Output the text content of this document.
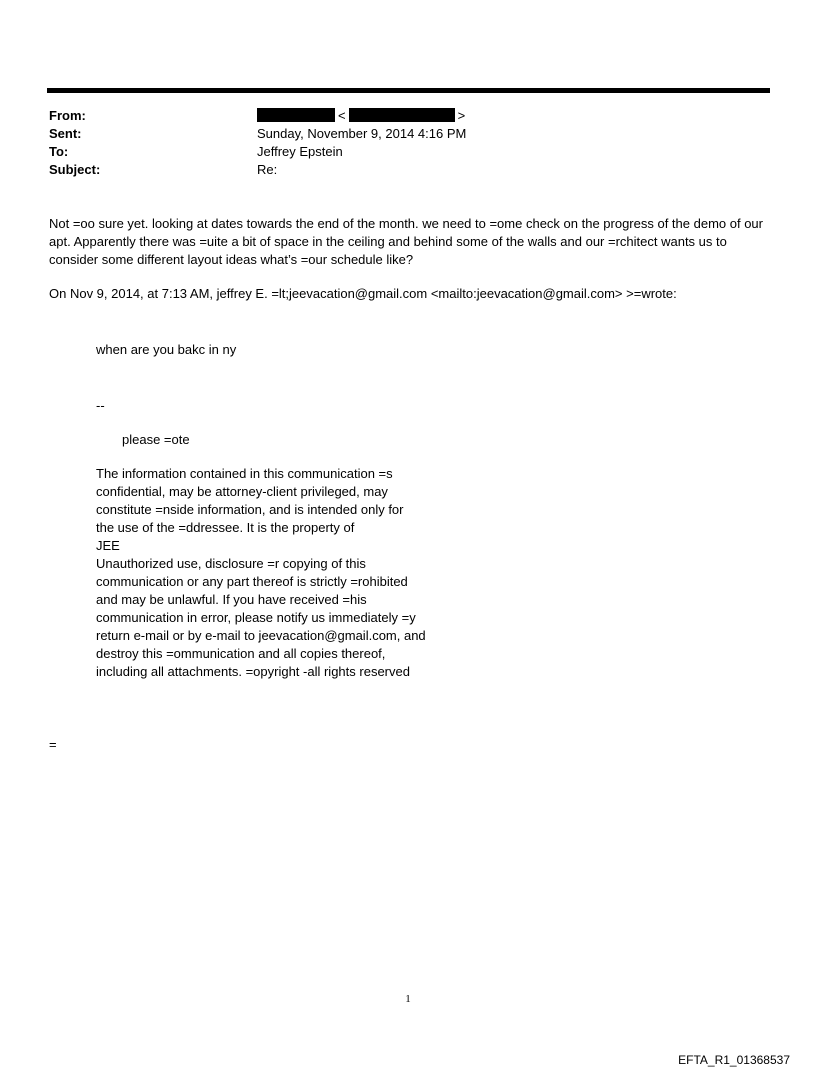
From:	<	>
Sent:	Sunday, November 9, 2014 4:16 PM
To:	Jeffrey Epstein
Subject:	Re:
Not =oo sure yet. looking at dates towards the end of the month. we need to =ome check on the progress of the demo of our apt. Apparently there was =uite a bit of space in the ceiling and behind some of the walls and our =rchitect wants us to consider some different layout ideas what’s =our schedule like?
On Nov 9, 2014, at 7:13 AM, jeffrey E. =lt;jeevacation@gmail.com <mailto:jeevacation@gmail.com> >=wrote:
when are you bakc in ny
--
please =ote
The information contained in this communication =s
confidential, may be attorney-client privileged, may
constitute =nside information, and is intended only for
the use of the =ddressee. It is the property of
JEE
Unauthorized use, disclosure =r copying of this
communication or any part thereof is strictly =rohibited
and may be unlawful. If you have received =his
communication in error, please notify us immediately =y
return e-mail or by e-mail to jeevacation@gmail.com, and
destroy this =ommunication and all copies thereof,
including all attachments. =opyright -all rights reserved
=
1
EFTA_R1_01368537
